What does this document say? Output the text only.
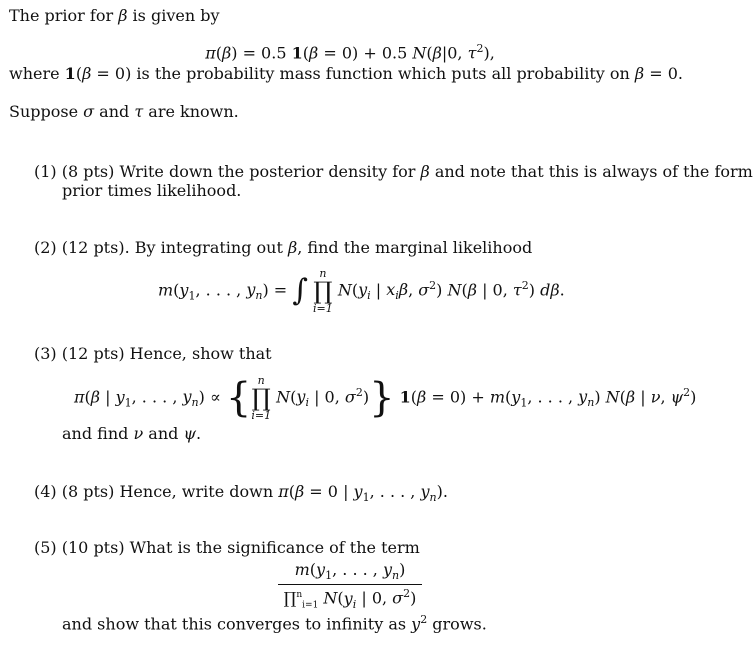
The prior for β is given by
π(β) = 0.5 1(β = 0) + 0.5 N(β|0, $\tau^2$),
where 1(β = 0) is the probability mass function which puts all probability on β = 0.
Suppose σ and τ are known.
(1) (8 pts) Write down the posterior density for β and note that this is always of the form
prior times likelihood.
(2) (12 pts). By integrating out β, find the marginal likelihood
$m(y_1$, . . . , $y_n$) = ∫	n
∏
i=1
$N(y_i$ | $x_i\beta$, $\sigma^2$) N(β | 0, $\tau^2$) dβ.
(3) (12 pts) Hence, show that
π(β | $y_1$, . . . , $y_n$) ∝ { n
∏
i=1
$N(y_i$ | 0, $\sigma^2$)} $1(\beta = 0) + m(y_1$, . . . , $y_n$) N(β | ν, $\psi^2$)
and find ν and ψ.
(4) (8 pts) Hence, write down π(β = 0 | $y_1$, . . . , $y_n$).
(5) (10 pts) What is the significance of the term
$\frac{m(y_1, . . . , y_n)}{\prod^n_{i=1} N(y_i | 0, \sigma^2)}$
and show that this converges to infinity as $y^2$ grows.
